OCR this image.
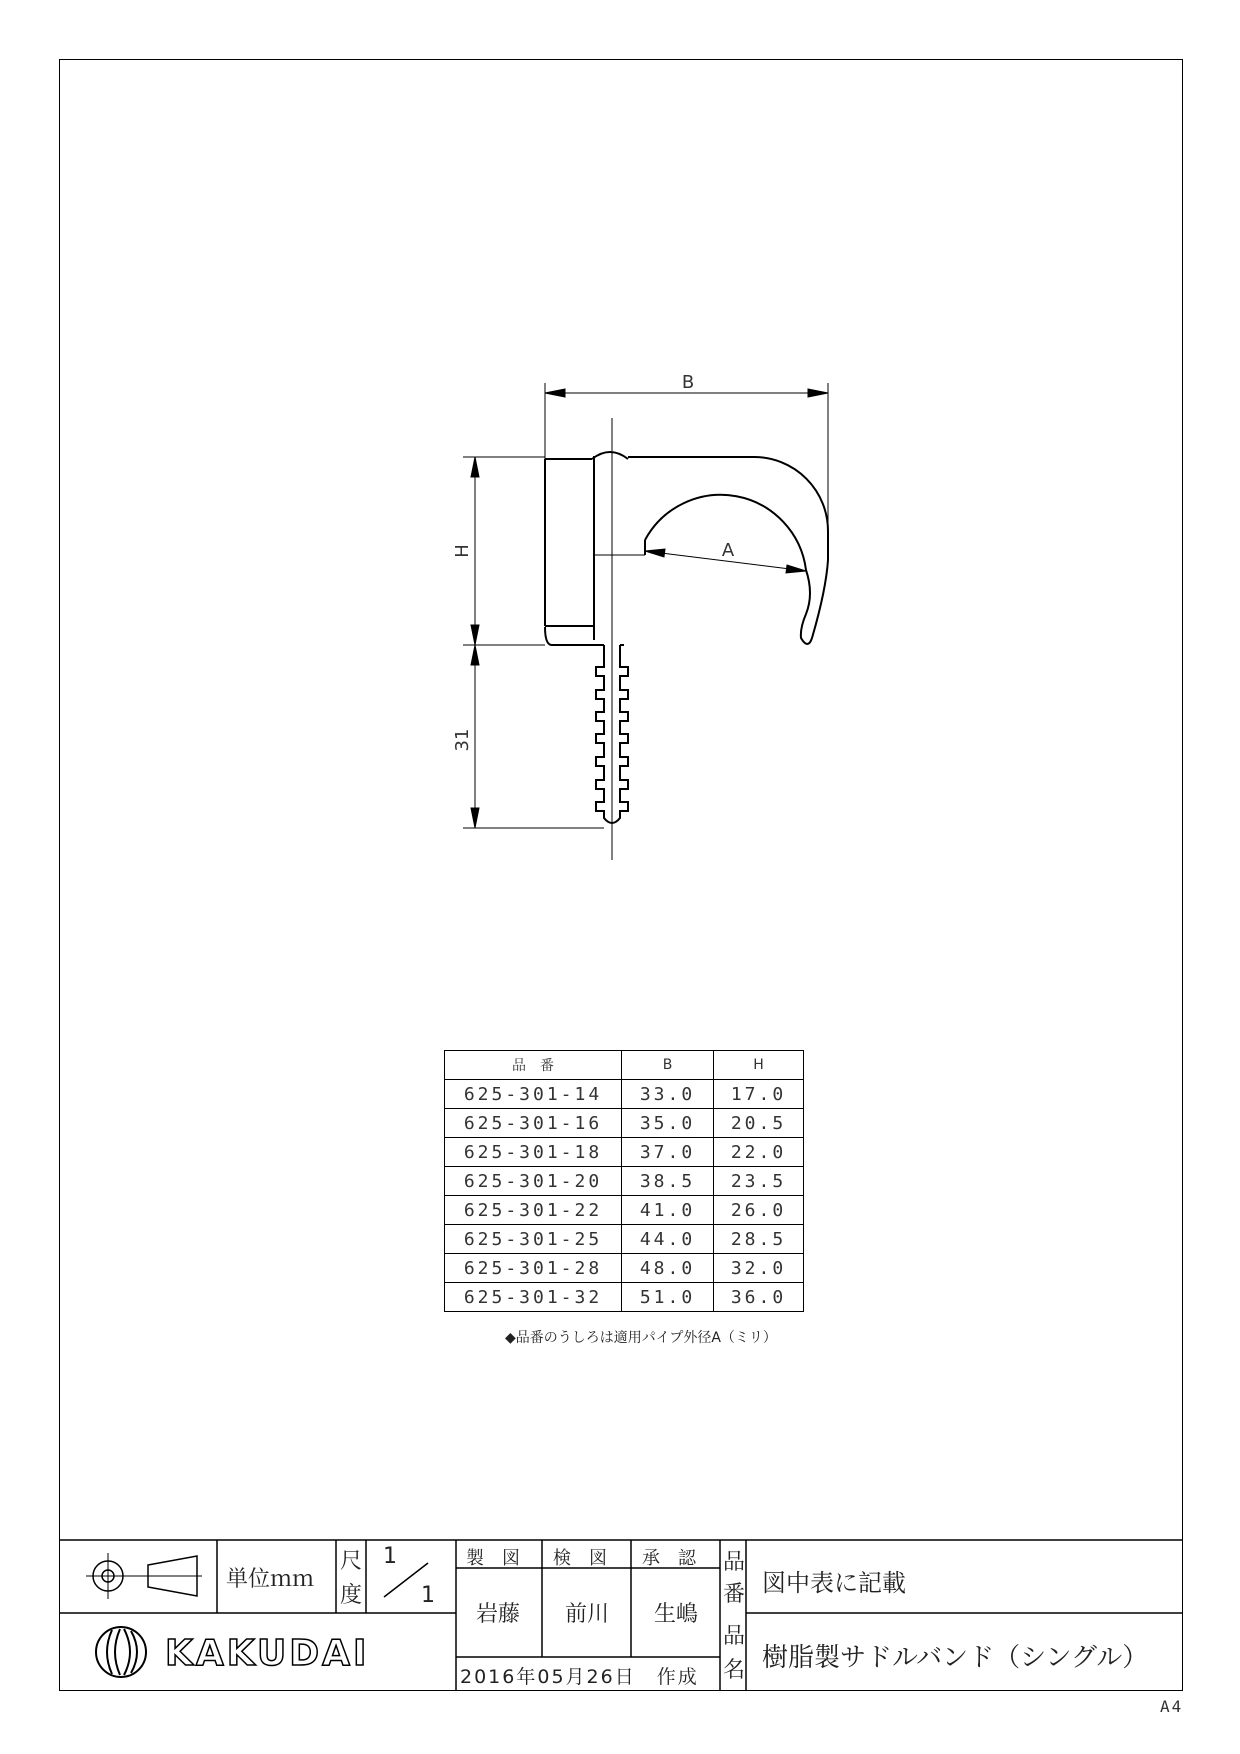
B
A
H
31
KAKUDAI
品　番	B	H
625-301-14	33.0	17.0
625-301-16	35.0	20.5
625-301-18	37.0	22.0
625-301-20	38.5	23.5
625-301-22	41.0	26.0
625-301-25	44.0	28.5
625-301-28	48.0	32.0
625-301-32	51.0	36.0
◆品番のうしろは適用パイプ外径A（ミリ）
単位ｍｍ
尺
度
1
1
製　図 検　図 承　認
岩藤 前川 生嶋
2016年05月26日　作成
品
番 図中表に記載
品
名 樹脂製サドルバンド（シングル）
A4
